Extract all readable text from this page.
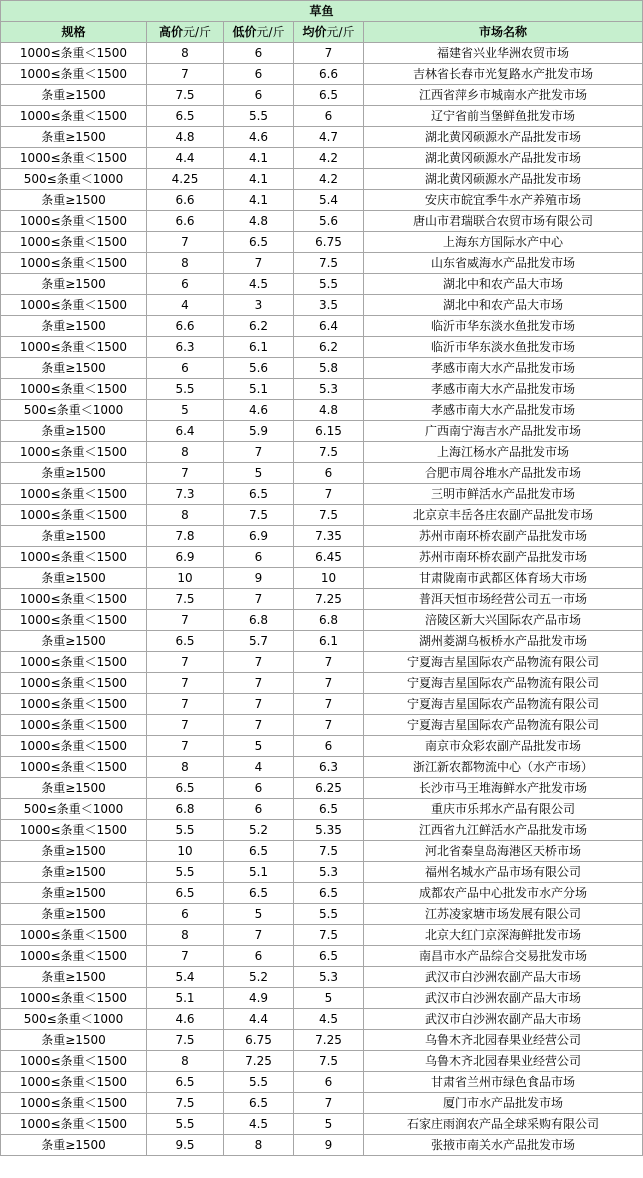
草鱼				
规格	高价元/斤	低价元/斤	均价元/斤	市场名称
1000≤条重＜1500	8	6	7	福建省兴业华洲农贸市场
1000≤条重＜1500	7	6	6.6	吉林省长春市光复路水产批发市场
条重≥1500	7.5	6	6.5	江西省萍乡市城南水产批发市场
1000≤条重＜1500	6.5	5.5	6	辽宁省前当堡鲜鱼批发市场
条重≥1500	4.8	4.6	4.7	湖北黄冈硕源水产品批发市场
1000≤条重＜1500	4.4	4.1	4.2	湖北黄冈硕源水产品批发市场
500≤条重＜1000	4.25	4.1	4.2	湖北黄冈硕源水产品批发市场
条重≥1500	6.6	4.1	5.4	安庆市皖宜季牛水产养殖市场
1000≤条重＜1500	6.6	4.8	5.6	唐山市君瑞联合农贸市场有限公司
1000≤条重＜1500	7	6.5	6.75	上海东方国际水产中心
1000≤条重＜1500	8	7	7.5	山东省威海水产品批发市场
条重≥1500	6	4.5	5.5	湖北中和农产品大市场
1000≤条重＜1500	4	3	3.5	湖北中和农产品大市场
条重≥1500	6.6	6.2	6.4	临沂市华东淡水鱼批发市场
1000≤条重＜1500	6.3	6.1	6.2	临沂市华东淡水鱼批发市场
条重≥1500	6	5.6	5.8	孝感市南大水产品批发市场
1000≤条重＜1500	5.5	5.1	5.3	孝感市南大水产品批发市场
500≤条重＜1000	5	4.6	4.8	孝感市南大水产品批发市场
条重≥1500	6.4	5.9	6.15	广西南宁海吉水产品批发市场
1000≤条重＜1500	8	7	7.5	上海江杨水产品批发市场
条重≥1500	7	5	6	合肥市周谷堆水产品批发市场
1000≤条重＜1500	7.3	6.5	7	三明市鲜活水产品批发市场
1000≤条重＜1500	8	7.5	7.5	北京京丰岳各庄农副产品批发市场
条重≥1500	7.8	6.9	7.35	苏州市南环桥农副产品批发市场
1000≤条重＜1500	6.9	6	6.45	苏州市南环桥农副产品批发市场
条重≥1500	10	9	10	甘肃陇南市武都区体育场大市场
1000≤条重＜1500	7.5	7	7.25	普洱天恒市场经营公司五一市场
1000≤条重＜1500	7	6.8	6.8	涪陵区新大兴国际农产品市场
条重≥1500	6.5	5.7	6.1	湖州菱湖乌板桥水产品批发市场
1000≤条重＜1500	7	7	7	宁夏海吉星国际农产品物流有限公司
1000≤条重＜1500	7	7	7	宁夏海吉星国际农产品物流有限公司
1000≤条重＜1500	7	7	7	宁夏海吉星国际农产品物流有限公司
1000≤条重＜1500	7	7	7	宁夏海吉星国际农产品物流有限公司
1000≤条重＜1500	7	5	6	南京市众彩农副产品批发市场
1000≤条重＜1500	8	4	6.3	浙江新农都物流中心（水产市场）
条重≥1500	6.5	6	6.25	长沙市马王堆海鲜水产批发市场
500≤条重＜1000	6.8	6	6.5	重庆市乐邦水产品有限公司
1000≤条重＜1500	5.5	5.2	5.35	江西省九江鲜活水产品批发市场
条重≥1500	10	6.5	7.5	河北省秦皇岛海港区天桥市场
条重≥1500	5.5	5.1	5.3	福州名城水产品市场有限公司
条重≥1500	6.5	6.5	6.5	成都农产品中心批发市水产分场
条重≥1500	6	5	5.5	江苏凌家塘市场发展有限公司
1000≤条重＜1500	8	7	7.5	北京大红门京深海鲜批发市场
1000≤条重＜1500	7	6	6.5	南昌市水产品综合交易批发市场
条重≥1500	5.4	5.2	5.3	武汉市白沙洲农副产品大市场
1000≤条重＜1500	5.1	4.9	5	武汉市白沙洲农副产品大市场
500≤条重＜1000	4.6	4.4	4.5	武汉市白沙洲农副产品大市场
条重≥1500	7.5	6.75	7.25	乌鲁木齐北园春果业经营公司
1000≤条重＜1500	8	7.25	7.5	乌鲁木齐北园春果业经营公司
1000≤条重＜1500	6.5	5.5	6	甘肃省兰州市绿色食品市场
1000≤条重＜1500	7.5	6.5	7	厦门市水产品批发市场
1000≤条重＜1500	5.5	4.5	5	石家庄雨润农产品全球采购有限公司
条重≥1500	9.5	8	9	张掖市南关水产品批发市场
